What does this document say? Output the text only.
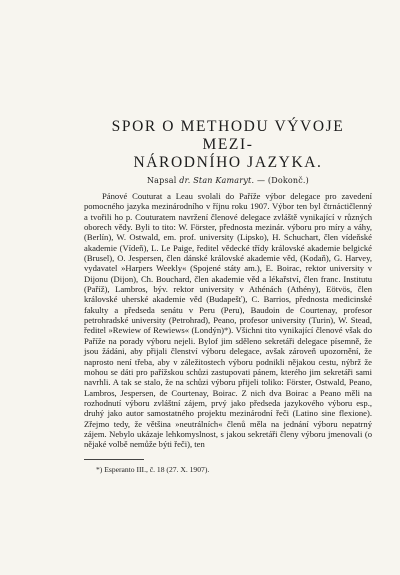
SPOR O METHODU VÝVOJE MEZI-
NÁRODNÍHO JAZYKA.
Napsal dr. Stan Kamaryt. — (Dokonč.)

Pánové Couturat a Leau svolali do Paříže výbor delegace pro zavedení pomocného jazyka mezinárodního v říjnu roku 1907. Výbor ten byl čtrnáctičlenný a tvořili ho p. Couturatem navržení členové delegace zvláště vynikající v různých oborech vědy. Byli to tito: W. Förster, přednosta mezinár. výboru pro míry a váhy, (Berlín), W. Ostwald, em. prof. university (Lipsko), H. Schuchart, člen vídeňské akademie (Vídeň), L. Le Paige, ředitel vědecké třídy královské akademie belgické (Brusel), O. Jespersen, člen dánské královské akademie věd, (Kodaň), G. Harvey, vydavatel »Harpers Weekly« (Spojené státy am.), E. Boirac, rektor university v Dijonu (Dijon), Ch. Bouchard, člen akademie věd a lékařství, člen franc. Institutu (Paříž), Lambros, býv. rektor university v Athénách (Athény), Eötvös, člen královské uherské akademie věd (Budapešť), C. Barrios, přednosta medicinské fakulty a předseda senátu v Peru (Peru), Baudoin de Courtenay, profesor petrohradské university (Petrohrad), Peano, profesor university (Turin), W. Stead, ředitel »Rewiew of Rewiews« (Londýn)*). Všichni tito vynikající členové však do Paříže na porady výboru nejeli. Bylof jim sděleno sekretáři delegace písemně, že jsou žádáni, aby přijali členství výboru delegace, avšak zároveň upozornění, že naprosto není třeba, aby v záležitostech výboru podnikli nějakou cestu, nýbrž že mohou se dáti pro pařížskou schůzi zastupovati pánem, kterého jim sekretáři sami navrhli. A tak se stalo, že na schůzi výboru přijeli toliko: Förster, Ostwald, Peano, Lambros, Jespersen, de Courtenay, Boirac. Z nich dva Boirac a Peano měli na rozhodnutí výboru zvláštní zájem, prvý jako předseda jazykového výboru esp., druhý jako autor samostatného projektu mezinárodní řeči (Latino sine flexione). Zřejmo tedy, že většina »neutrálních« členů měla na jednání výboru nepatrný zájem. Nebylo ukázaje lehkomyslnost, s jakou sekretáři členy výboru jmenovali (o nějaké volbě nemůže býti řeči), ten

*) Esperanto III., č. 18 (27. X. 1907).
